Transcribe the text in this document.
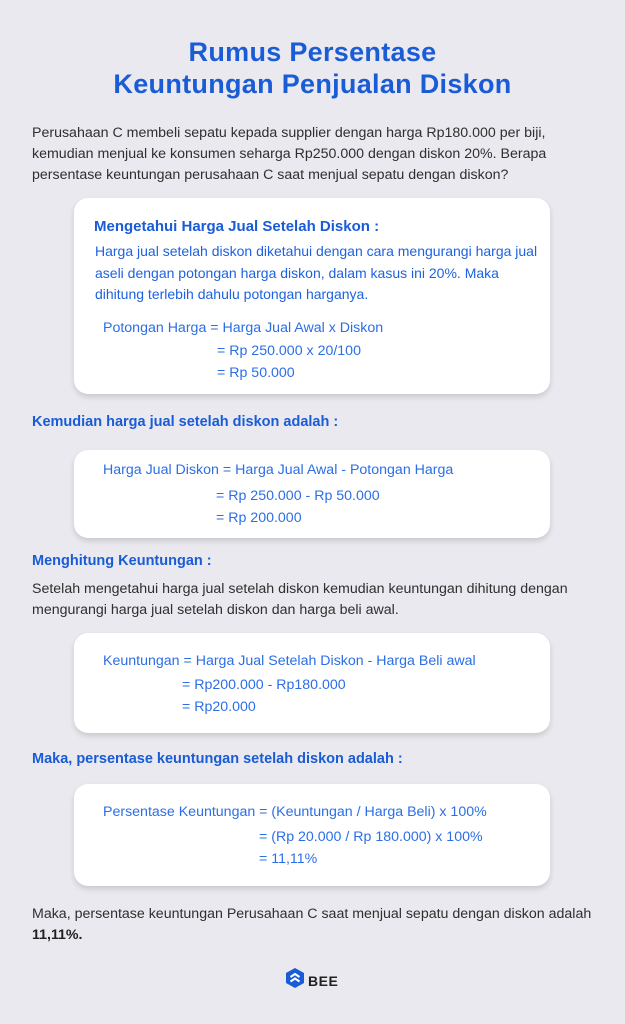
Rumus Persentase
Keuntungan Penjualan Diskon
Perusahaan C membeli sepatu kepada supplier dengan harga Rp180.000 per biji, kemudian menjual ke konsumen seharga Rp250.000 dengan diskon 20%. Berapa persentase keuntungan perusahaan C saat menjual sepatu dengan diskon?
Mengetahui Harga Jual Setelah Diskon :
Harga jual setelah diskon diketahui dengan cara mengurangi harga jual aseli dengan potongan harga diskon, dalam kasus ini 20%. Maka dihitung terlebih dahulu potongan harganya.
Potongan Harga = Harga Jual Awal x Diskon
= Rp 250.000 x 20/100
= Rp 50.000
Kemudian harga jual setelah diskon adalah :
Harga Jual Diskon = Harga Jual Awal - Potongan Harga
= Rp 250.000 - Rp 50.000
= Rp 200.000
Menghitung Keuntungan :
Setelah mengetahui harga jual setelah diskon kemudian keuntungan dihitung dengan mengurangi harga jual setelah diskon dan harga beli awal.
Keuntungan = Harga Jual Setelah Diskon - Harga Beli awal
= Rp200.000 - Rp180.000
= Rp20.000
Maka, persentase keuntungan setelah diskon adalah :
Persentase Keuntungan = (Keuntungan / Harga Beli) x 100%
= (Rp 20.000 / Rp 180.000) x 100%
= 11,11%
Maka, persentase keuntungan Perusahaan C saat menjual sepatu dengan diskon adalah 11,11%.
BEE
